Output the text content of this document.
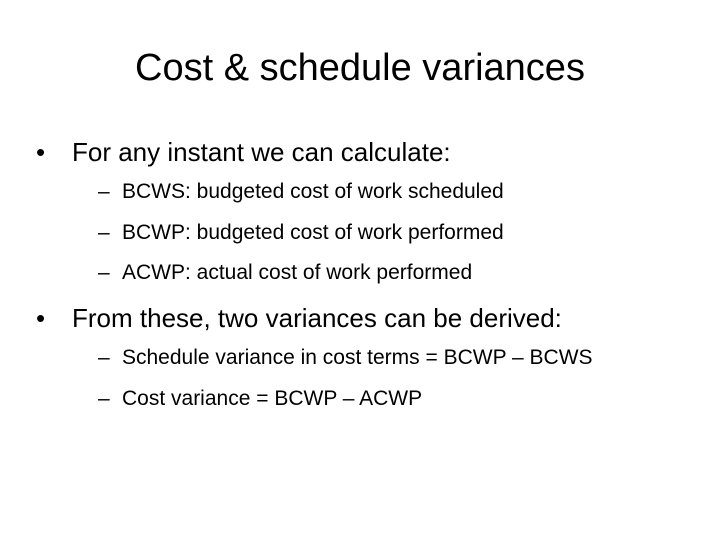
Cost & schedule variances
• For any instant we can calculate:
– BCWS: budgeted cost of work scheduled
– BCWP: budgeted cost of work performed
– ACWP: actual cost of work performed
• From these, two variances can be derived:
– Schedule variance in cost terms = BCWP – BCWS
– Cost variance = BCWP – ACWP
